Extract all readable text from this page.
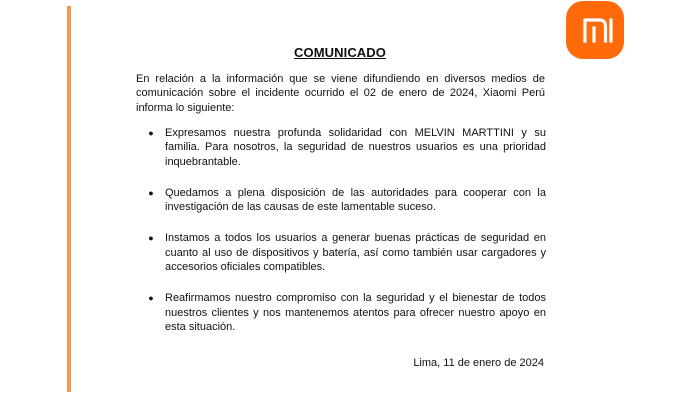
COMUNICADO

En relación a la información que se viene difundiendo en diversos medios de comunicación sobre el incidente ocurrido el 02 de enero de 2024, Xiaomi Perú informa lo siguiente:

●	Expresamos nuestra profunda solidaridad con MELVIN MARTTINI y su familia. Para nosotros, la seguridad de nuestros usuarios es una prioridad inquebrantable.
●	Quedamos a plena disposición de las autoridades para cooperar con la investigación de las causas de este lamentable suceso.
●	Instamos a todos los usuarios a generar buenas prácticas de seguridad en cuanto al uso de dispositivos y batería, así como también usar cargadores y accesorios oficiales compatibles.
●	Reafirmamos nuestro compromiso con la seguridad y el bienestar de todos nuestros clientes y nos mantenemos atentos para ofrecer nuestro apoyo en esta situación.
Lima, 11 de enero de 2024
